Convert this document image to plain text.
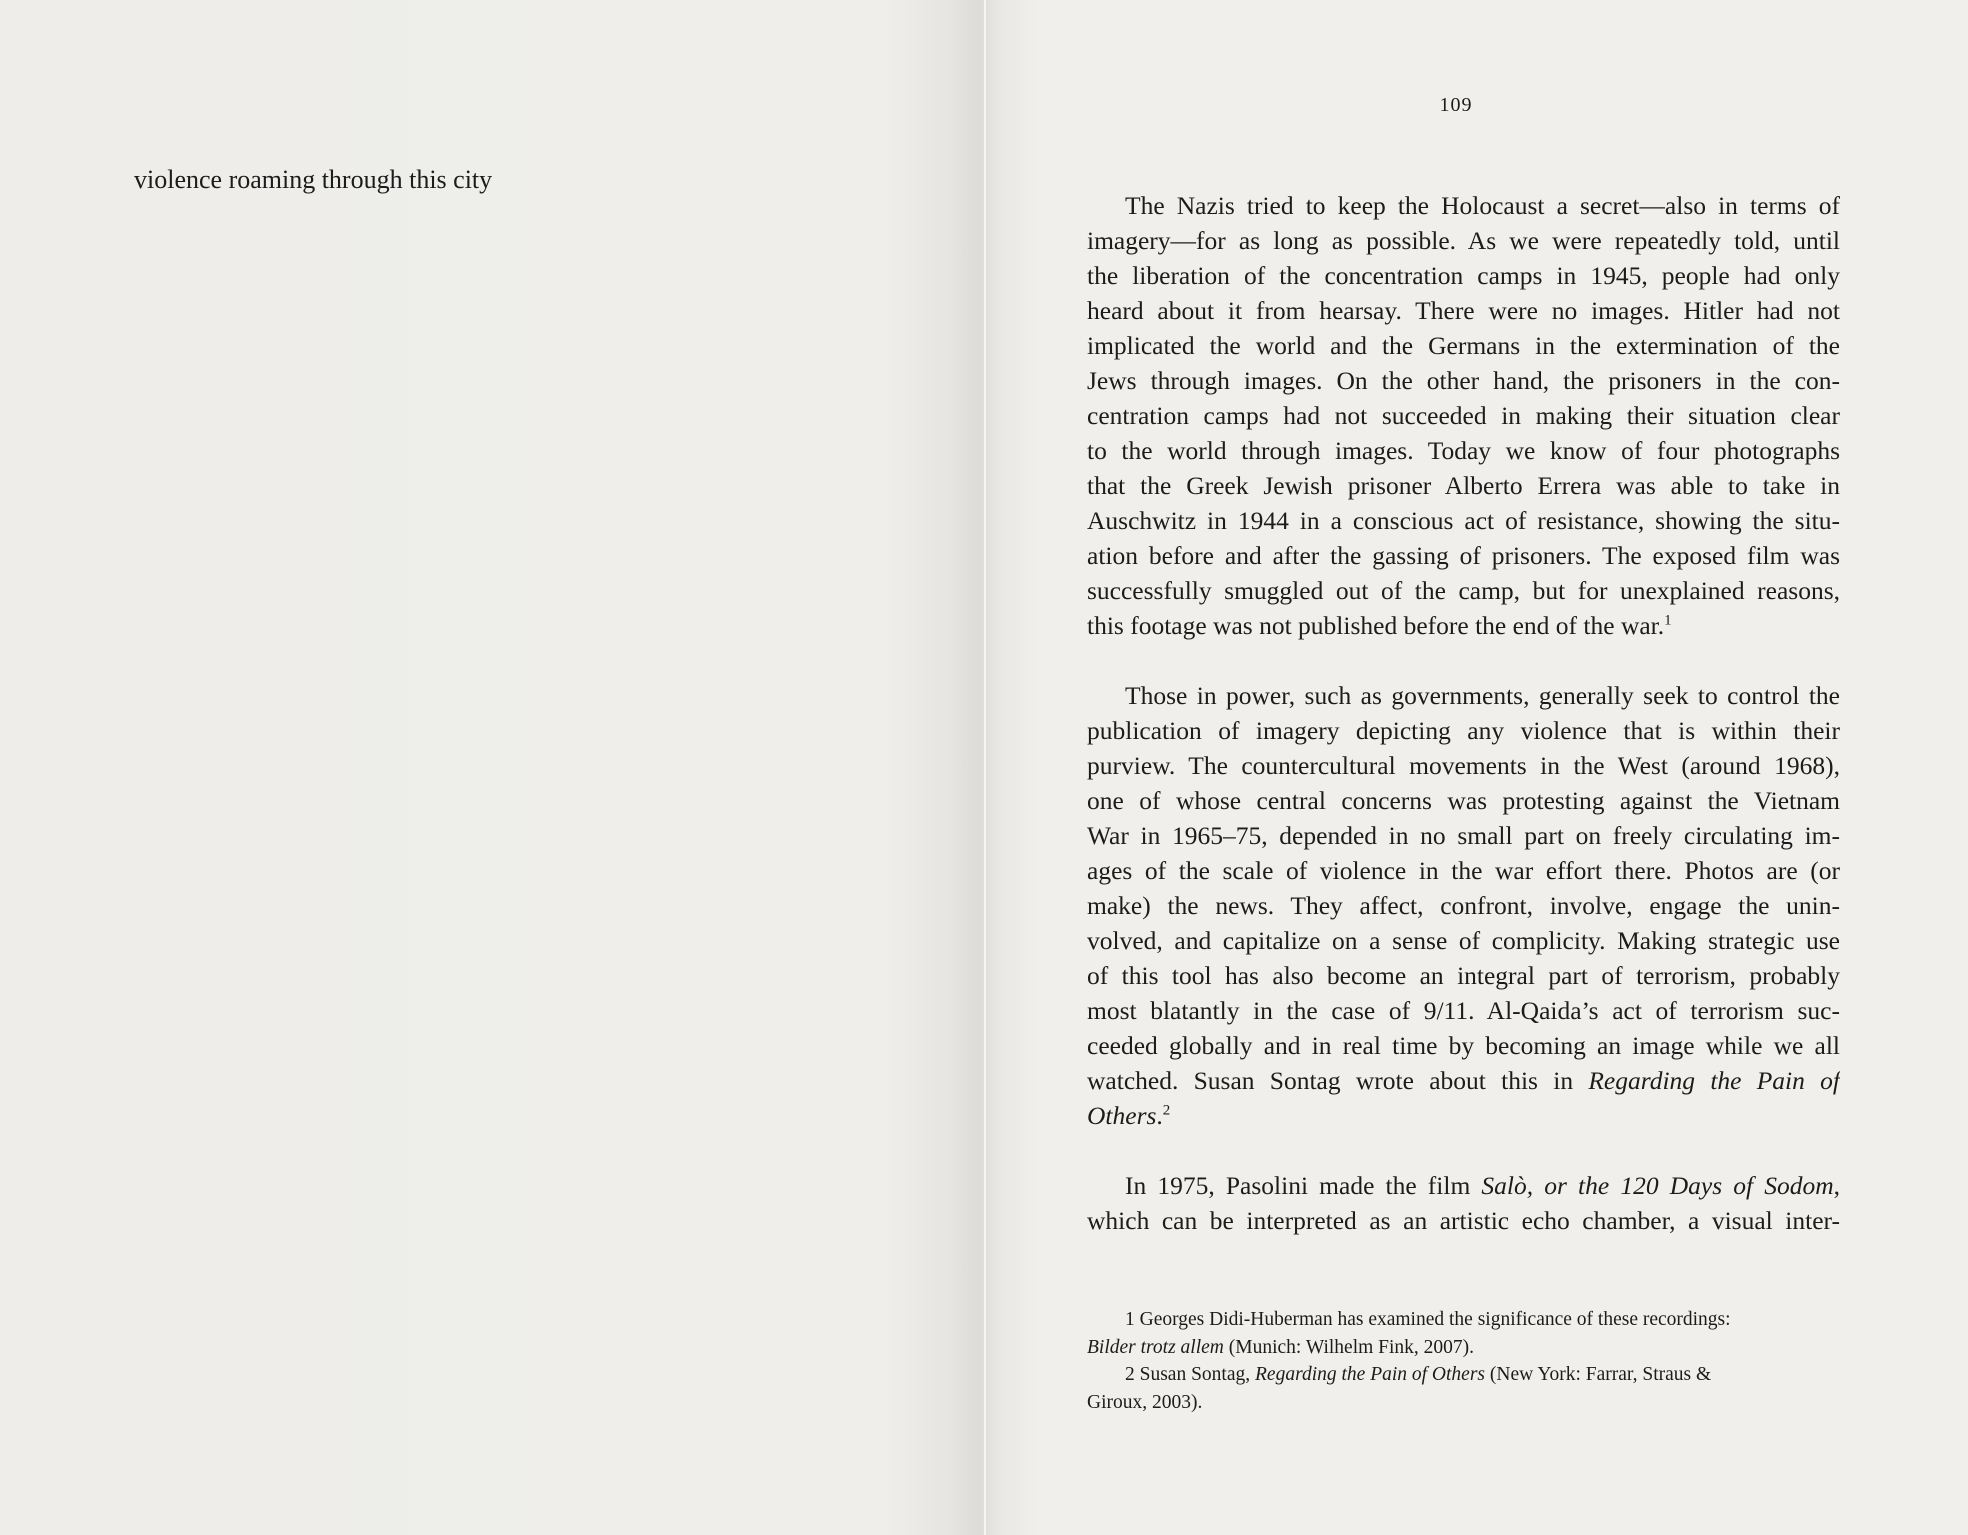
violence roaming through this city
109
The Nazis tried to keep the Holocaust a secret—also in terms of
imagery—for as long as possible. As we were repeatedly told, until
the liberation of the concentration camps in 1945, people had only
heard about it from hearsay. There were no images. Hitler had not
implicated the world and the Germans in the extermination of the
Jews through images. On the other hand, the prisoners in the con-
centration camps had not succeeded in making their situation clear
to the world through images. Today we know of four photographs
that the Greek Jewish prisoner Alberto Errera was able to take in
Auschwitz in 1944 in a conscious act of resistance, showing the situ-
ation before and after the gassing of prisoners. The exposed film was
successfully smuggled out of the camp, but for unexplained reasons,
this footage was not published before the end of the war.$^1$
Those in power, such as governments, generally seek to control the
publication of imagery depicting any violence that is within their
purview. The countercultural movements in the West (around 1968),
one of whose central concerns was protesting against the Vietnam
War in 1965–75, depended in no small part on freely circulating im-
ages of the scale of violence in the war effort there. Photos are (or
make) the news. They affect, confront, involve, engage the unin-
volved, and capitalize on a sense of complicity. Making strategic use
of this tool has also become an integral part of terrorism, probably
most blatantly in the case of 9/11. Al-Qaida’s act of terrorism suc-
ceeded globally and in real time by becoming an image while we all
watched. Susan Sontag wrote about this in Regarding the Pain of
Others.$^2$
In 1975, Pasolini made the film Salò, or the 120 Days of Sodom,
which can be interpreted as an artistic echo chamber, a visual inter-
1 Georges Didi-Huberman has examined the significance of these recordings:
Bilder trotz allem (Munich: Wilhelm Fink, 2007).
2 Susan Sontag, Regarding the Pain of Others (New York: Farrar, Straus &
Giroux, 2003).
